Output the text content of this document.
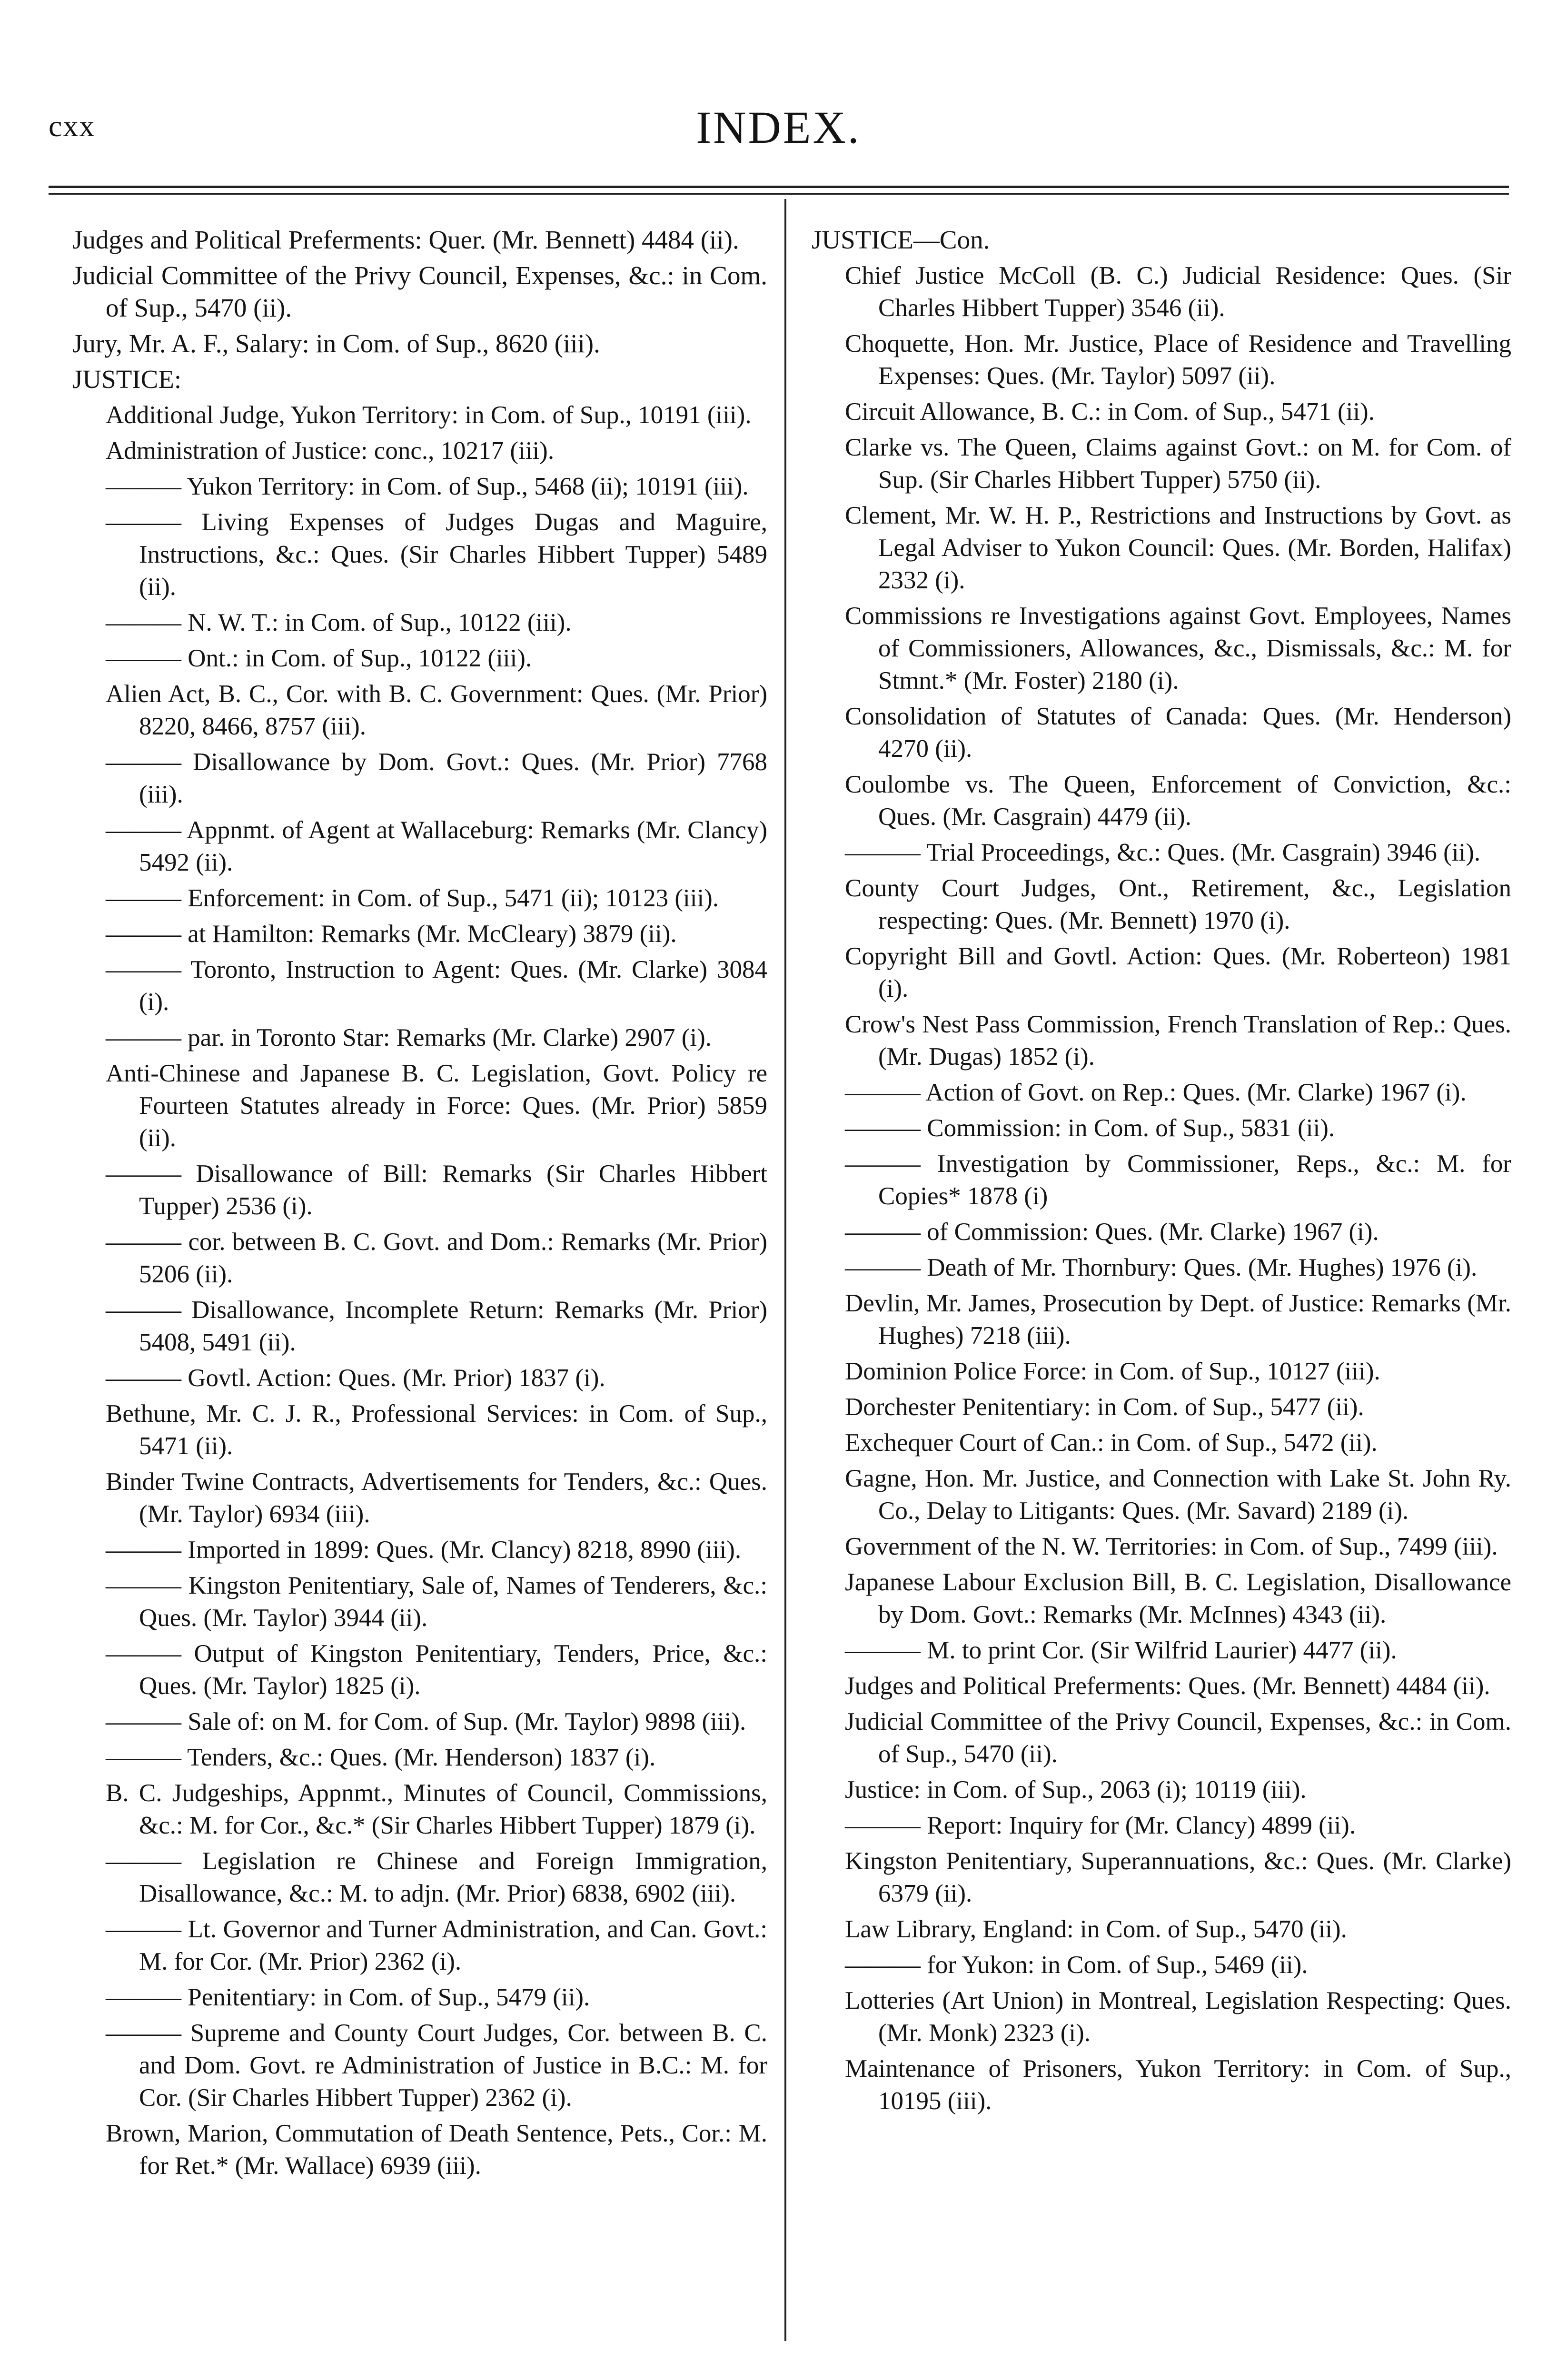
cxx	INDEX.

Judges and Political Preferments: Quer. (Mr. Bennett) 4484 (ii).

Judicial Committee of the Privy Council, Expenses, &c.: in Com. of Sup., 5470 (ii).

Jury, Mr. A. F., Salary: in Com. of Sup., 8620 (iii).

JUSTICE:

Additional Judge, Yukon Territory: in Com. of Sup., 10191 (iii).

Administration of Justice: conc., 10217 (iii).

——— Yukon Territory: in Com. of Sup., 5468 (ii); 10191 (iii).

——— Living Expenses of Judges Dugas and Maguire, Instructions, &c.: Ques. (Sir Charles Hibbert Tupper) 5489 (ii).

——— N. W. T.: in Com. of Sup., 10122 (iii).

——— Ont.: in Com. of Sup., 10122 (iii).

Alien Act, B. C., Cor. with B. C. Government: Ques. (Mr. Prior) 8220, 8466, 8757 (iii).

——— Disallowance by Dom. Govt.: Ques. (Mr. Prior) 7768 (iii).

——— Appnmt. of Agent at Wallaceburg: Remarks (Mr. Clancy) 5492 (ii).

——— Enforcement: in Com. of Sup., 5471 (ii); 10123 (iii).

——— at Hamilton: Remarks (Mr. McCleary) 3879 (ii).

——— Toronto, Instruction to Agent: Ques. (Mr. Clarke) 3084 (i).

——— par. in Toronto Star: Remarks (Mr. Clarke) 2907 (i).

Anti-Chinese and Japanese B. C. Legislation, Govt. Policy re Fourteen Statutes already in Force: Ques. (Mr. Prior) 5859 (ii).

——— Disallowance of Bill: Remarks (Sir Charles Hibbert Tupper) 2536 (i).

——— cor. between B. C. Govt. and Dom.: Remarks (Mr. Prior) 5206 (ii).

——— Disallowance, Incomplete Return: Remarks (Mr. Prior) 5408, 5491 (ii).

——— Govtl. Action: Ques. (Mr. Prior) 1837 (i).

Bethune, Mr. C. J. R., Professional Services: in Com. of Sup., 5471 (ii).

Binder Twine Contracts, Advertisements for Tenders, &c.: Ques. (Mr. Taylor) 6934 (iii).

——— Imported in 1899: Ques. (Mr. Clancy) 8218, 8990 (iii).

——— Kingston Penitentiary, Sale of, Names of Tenderers, &c.: Ques. (Mr. Taylor) 3944 (ii).

——— Output of Kingston Penitentiary, Tenders, Price, &c.: Ques. (Mr. Taylor) 1825 (i).

——— Sale of: on M. for Com. of Sup. (Mr. Taylor) 9898 (iii).

——— Tenders, &c.: Ques. (Mr. Henderson) 1837 (i).

B. C. Judgeships, Appnmt., Minutes of Council, Commissions, &c.: M. for Cor., &c.* (Sir Charles Hibbert Tupper) 1879 (i).

——— Legislation re Chinese and Foreign Immigration, Disallowance, &c.: M. to adjn. (Mr. Prior) 6838, 6902 (iii).

——— Lt. Governor and Turner Administration, and Can. Govt.: M. for Cor. (Mr. Prior) 2362 (i).

——— Penitentiary: in Com. of Sup., 5479 (ii).

——— Supreme and County Court Judges, Cor. between B. C. and Dom. Govt. re Administration of Justice in B.C.: M. for Cor. (Sir Charles Hibbert Tupper) 2362 (i).

Brown, Marion, Commutation of Death Sentence, Pets., Cor.: M. for Ret.* (Mr. Wallace) 6939 (iii).

JUSTICE—Con.

Chief Justice McColl (B. C.) Judicial Residence: Ques. (Sir Charles Hibbert Tupper) 3546 (ii).

Choquette, Hon. Mr. Justice, Place of Residence and Travelling Expenses: Ques. (Mr. Taylor) 5097 (ii).

Circuit Allowance, B. C.: in Com. of Sup., 5471 (ii).

Clarke vs. The Queen, Claims against Govt.: on M. for Com. of Sup. (Sir Charles Hibbert Tupper) 5750 (ii).

Clement, Mr. W. H. P., Restrictions and Instructions by Govt. as Legal Adviser to Yukon Council: Ques. (Mr. Borden, Halifax) 2332 (i).

Commissions re Investigations against Govt. Employees, Names of Commissioners, Allowances, &c., Dismissals, &c.: M. for Stmnt.* (Mr. Foster) 2180 (i).

Consolidation of Statutes of Canada: Ques. (Mr. Henderson) 4270 (ii).

Coulombe vs. The Queen, Enforcement of Conviction, &c.: Ques. (Mr. Casgrain) 4479 (ii).

——— Trial Proceedings, &c.: Ques. (Mr. Casgrain) 3946 (ii).

County Court Judges, Ont., Retirement, &c., Legislation respecting: Ques. (Mr. Bennett) 1970 (i).

Copyright Bill and Govtl. Action: Ques. (Mr. Roberteon) 1981 (i).

Crow's Nest Pass Commission, French Translation of Rep.: Ques. (Mr. Dugas) 1852 (i).

——— Action of Govt. on Rep.: Ques. (Mr. Clarke) 1967 (i).

——— Commission: in Com. of Sup., 5831 (ii).

——— Investigation by Commissioner, Reps., &c.: M. for Copies* 1878 (i)

——— of Commission: Ques. (Mr. Clarke) 1967 (i).

——— Death of Mr. Thornbury: Ques. (Mr. Hughes) 1976 (i).

Devlin, Mr. James, Prosecution by Dept. of Justice: Remarks (Mr. Hughes) 7218 (iii).

Dominion Police Force: in Com. of Sup., 10127 (iii).

Dorchester Penitentiary: in Com. of Sup., 5477 (ii).

Exchequer Court of Can.: in Com. of Sup., 5472 (ii).

Gagne, Hon. Mr. Justice, and Connection with Lake St. John Ry. Co., Delay to Litigants: Ques. (Mr. Savard) 2189 (i).

Government of the N. W. Territories: in Com. of Sup., 7499 (iii).

Japanese Labour Exclusion Bill, B. C. Legislation, Disallowance by Dom. Govt.: Remarks (Mr. McInnes) 4343 (ii).

——— M. to print Cor. (Sir Wilfrid Laurier) 4477 (ii).

Judges and Political Preferments: Ques. (Mr. Bennett) 4484 (ii).

Judicial Committee of the Privy Council, Expenses, &c.: in Com. of Sup., 5470 (ii).

Justice: in Com. of Sup., 2063 (i); 10119 (iii).

——— Report: Inquiry for (Mr. Clancy) 4899 (ii).

Kingston Penitentiary, Superannuations, &c.: Ques. (Mr. Clarke) 6379 (ii).

Law Library, England: in Com. of Sup., 5470 (ii).

——— for Yukon: in Com. of Sup., 5469 (ii).

Lotteries (Art Union) in Montreal, Legislation Respecting: Ques. (Mr. Monk) 2323 (i).

Maintenance of Prisoners, Yukon Territory: in Com. of Sup., 10195 (iii).
